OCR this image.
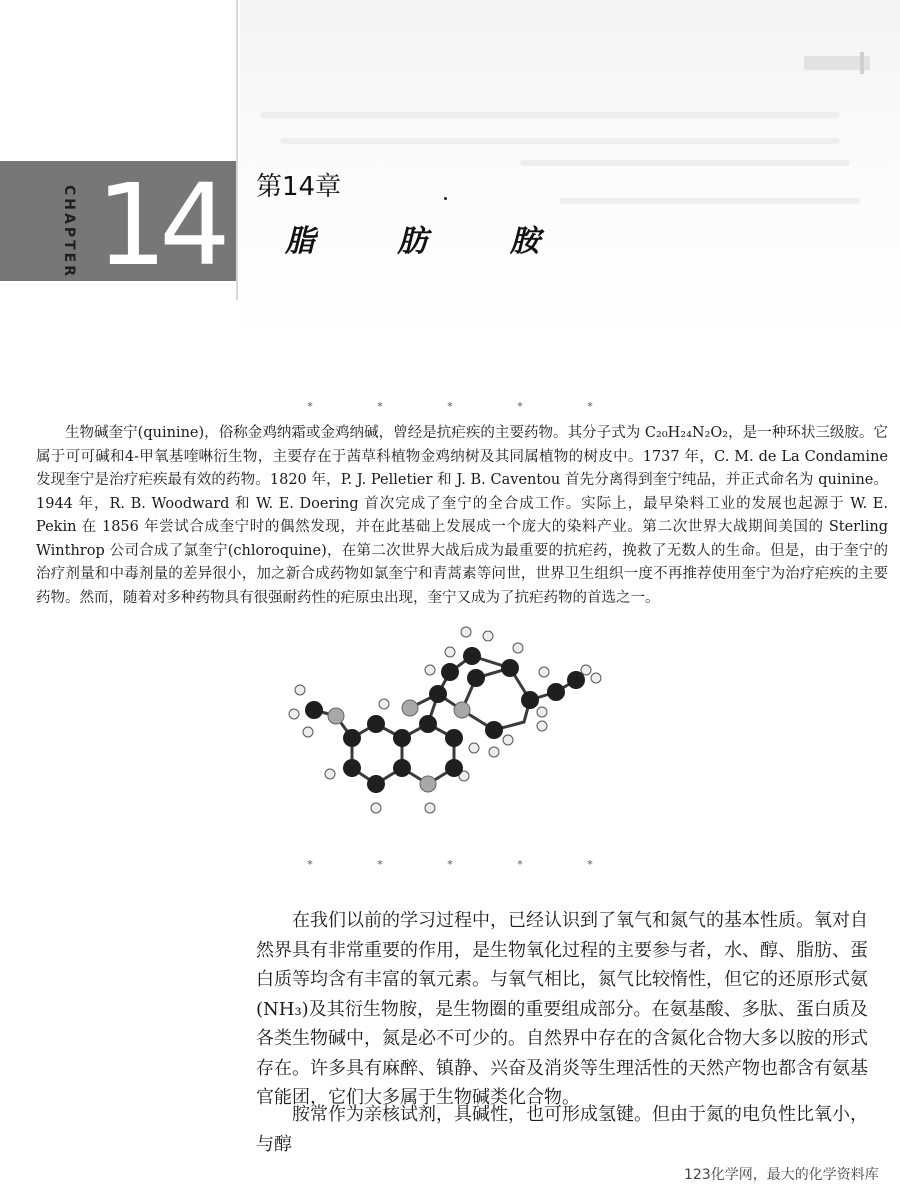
CHAPTER 14	第14章
脂 肪 胺
*	*	*	*	*

生物碱奎宁(quinine)，俗称金鸡纳霜或金鸡纳碱，曾经是抗疟疾的主要药物。其分子式为 C₂₀H₂₄N₂O₂，是一种环状三级胺。它属于可可碱和4-甲氧基喹啉衍生物，主要存在于茜草科植物金鸡纳树及其同属植物的树皮中。1737 年，C. M. de La Condamine 发现奎宁是治疗疟疾最有效的药物。1820 年，P. J. Pelletier 和 J. B. Caventou 首先分离得到奎宁纯品，并正式命名为 quinine。1944 年，R. B. Woodward 和 W. E. Doering 首次完成了奎宁的全合成工作。实际上，最早染料工业的发展也起源于 W. E. Pekin 在 1856 年尝试合成奎宁时的偶然发现，并在此基础上发展成一个庞大的染料产业。第二次世界大战期间美国的 Sterling Winthrop 公司合成了氯奎宁(chloroquine)，在第二次世界大战后成为最重要的抗疟药，挽救了无数人的生命。但是，由于奎宁的治疗剂量和中毒剂量的差异很小，加之新合成药物如氯奎宁和青蒿素等问世，世界卫生组织一度不再推荐使用奎宁为治疗疟疾的主要药物。然而，随着对多种药物具有很强耐药性的疟原虫出现，奎宁又成为了抗疟药物的首选之一。

*	*	*	*	*

在我们以前的学习过程中，已经认识到了氧气和氮气的基本性质。氧对自然界具有非常重要的作用，是生物氧化过程的主要参与者，水、醇、脂肪、蛋白质等均含有丰富的氧元素。与氧气相比，氮气比较惰性，但它的还原形式氨(NH₃)及其衍生物胺，是生物圈的重要组成部分。在氨基酸、多肽、蛋白质及各类生物碱中，氮是必不可少的。自然界中存在的含氮化合物大多以胺的形式存在。许多具有麻醉、镇静、兴奋及消炎等生理活性的天然产物也都含有氨基官能团，它们大多属于生物碱类化合物。

胺常作为亲核试剂，具碱性，也可形成氢键。但由于氮的电负性比氧小，与醇

123化学网，最大的化学资料库
